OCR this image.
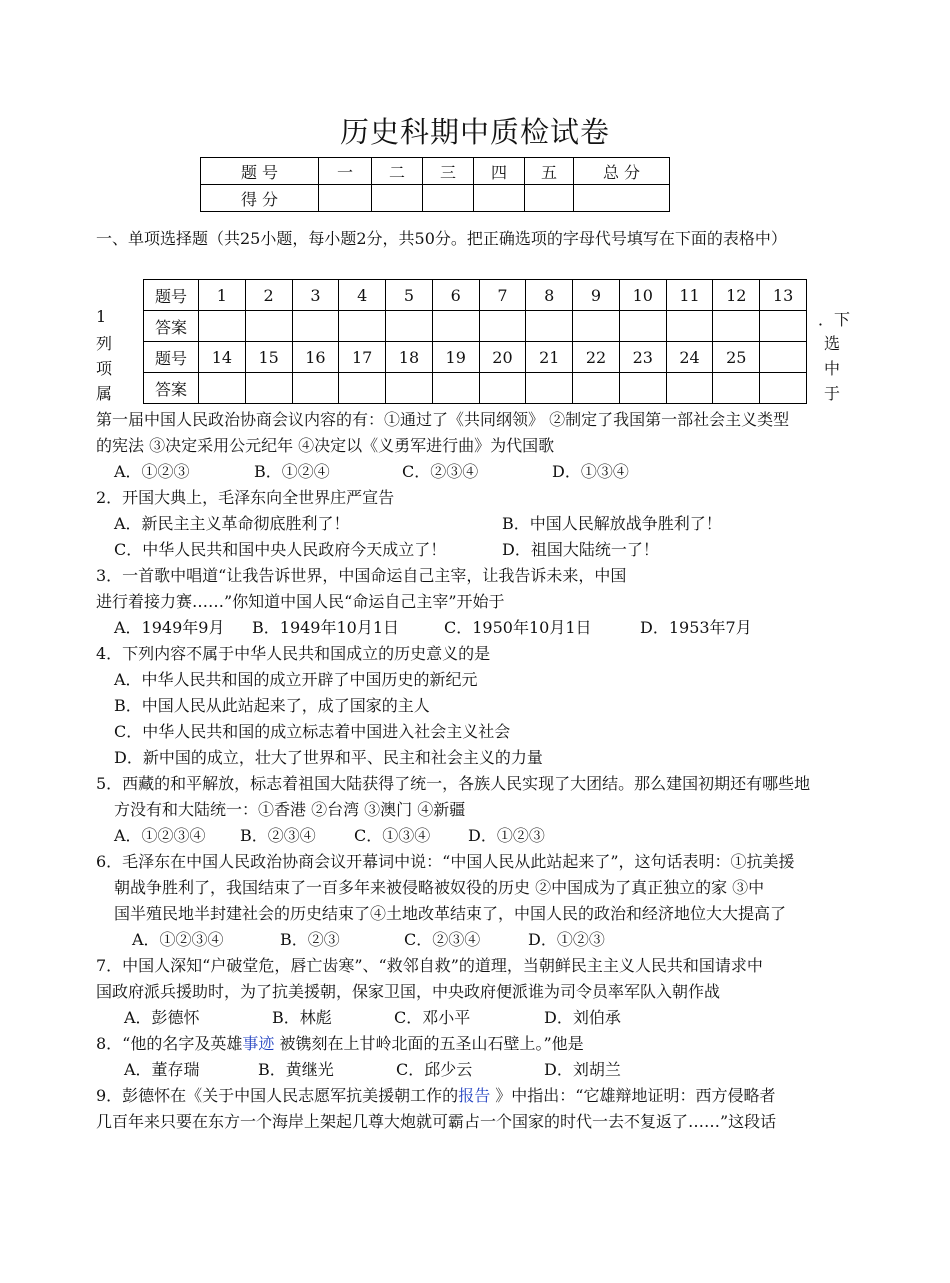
历史科期中质检试卷
题 号	一	二	三	四	五	总 分
得 分						
一、单项选择题（共25小题，每小题2分，共50分。把正确选项的字母代号填写在下面的表格中）
1
列
项
属
．下
选
中
于
题号	1	2	3	4	5	6	7	8	9	10	11	12	13
答案													
题号	14	15	16	17	18	19	20	21	22	23	24	25	
答案													
第一届中国人民政治协商会议内容的有：①通过了《共同纲领》 ②制定了我国第一部社会主义类型
的宪法 ③决定采用公元纪年 ④决定以《义勇军进行曲》为代国歌
A．①②③	B．①②④	C．②③④	D．①③④
2．开国大典上，毛泽东向全世界庄严宣告
A．新民主主义革命彻底胜利了！	B．中国人民解放战争胜利了！
C．中华人民共和国中央人民政府今天成立了！	D．祖国大陆统一了！
3．一首歌中唱道“让我告诉世界，中国命运自己主宰，让我告诉未来，中国
进行着接力赛……”你知道中国人民“命运自己主宰”开始于
A．1949年9月 B．1949年10月1日	C．1950年10月1日	D．1953年7月
4．下列内容不属于中华人民共和国成立的历史意义的是
A．中华人民共和国的成立开辟了中国历史的新纪元
B．中国人民从此站起来了，成了国家的主人
C．中华人民共和国的成立标志着中国进入社会主义社会
D．新中国的成立，壮大了世界和平、民主和社会主义的力量
5．西藏的和平解放，标志着祖国大陆获得了统一，各族人民实现了大团结。那么建国初期还有哪些地
方没有和大陆统一：①香港 ②台湾 ③澳门 ④新疆
A．①②③④ B．②③④ C．①③④ D．①②③
6．毛泽东在中国人民政治协商会议开幕词中说：“中国人民从此站起来了”，这句话表明：①抗美援
朝战争胜利了，我国结束了一百多年来被侵略被奴役的历史 ②中国成为了真正独立的家 ③中
国半殖民地半封建社会的历史结束了④土地改革结束了，中国人民的政治和经济地位大大提高了
A．①②③④	B．②③	C．②③④	D．①②③
7．中国人深知“户破堂危，唇亡齿寒”、“救邻自救”的道理，当朝鲜民主主义人民共和国请求中
国政府派兵援助时，为了抗美援朝，保家卫国，中央政府便派谁为司令员率军队入朝作战
A．彭德怀	B．林彪	C．邓小平	D．刘伯承
8．“他的名字及英雄事迹 被镌刻在上甘岭北面的五圣山石壁上。”他是
A．董存瑞	B．黄继光	C．邱少云	D．刘胡兰
9．彭德怀在《关于中国人民志愿军抗美援朝工作的报告 》中指出：“它雄辩地证明：西方侵略者
几百年来只要在东方一个海岸上架起几尊大炮就可霸占一个国家的时代一去不复返了……”这段话
